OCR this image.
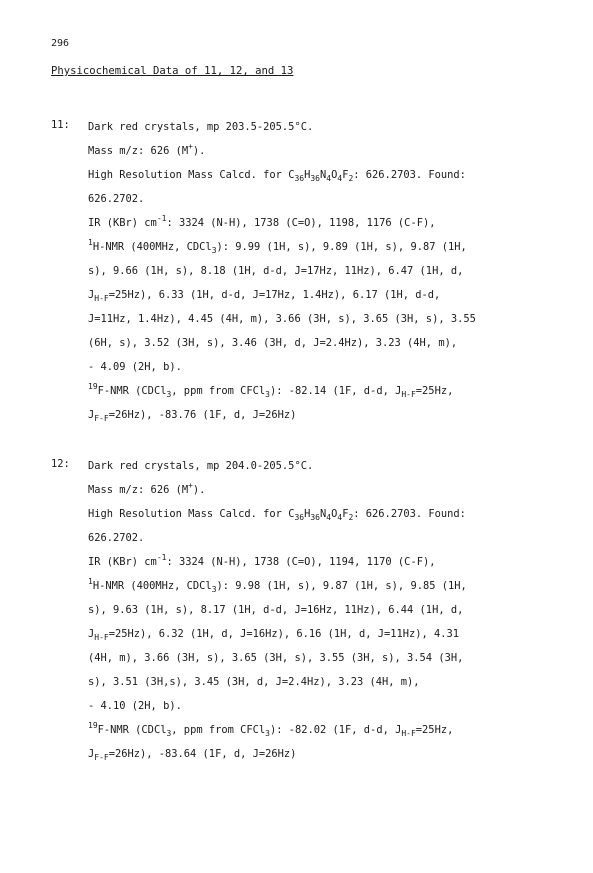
296
Physicochemical Data of 11, 12, and 13
11: Dark red crystals, mp 203.5-205.5°C.
Mass m/z: 626 (M+).
High Resolution Mass Calcd. for $C_{36}H_{36}N_4O_4F_2$: 626.2703. Found:
626.2702.
IR (KBr) $cm^{-1}$: 3324 (N-H), 1738 (C=O), 1198, 1176 (C-F),
$^1$H-NMR (400MHz, CDCl$_3$): 9.99 (1H, s), 9.89 (1H, s), 9.87 (1H,
s), 9.66 (1H, s), 8.18 (1H, d-d, J=17Hz, 11Hz), 6.47 (1H, d,
$J_{H-F}=25Hz$), 6.33 (1H, d-d, J=17Hz, 1.4Hz), 6.17 (1H, d-d,
J=11Hz, 1.4Hz), 4.45 (4H, m), 3.66 (3H, s), 3.65 (3H, s), 3.55
(6H, s), 3.52 (3H, s), 3.46 (3H, d, J=2.4Hz), 3.23 (4H, m),
- 4.09 (2H, b).
$^{19}$F-NMR (CDCl$_3$, ppm from CFCl$_3$): -82.14 (1F, d-d, $J_{H-F}=25Hz$,
$J_{F-F}=26Hz$), -83.76 (1F, d, J=26Hz)
12: Dark red crystals, mp 204.0-205.5°C.
Mass m/z: 626 (M+).
High Resolution Mass Calcd. for $C_{36}H_{36}N_4O_4F_2$: 626.2703. Found:
626.2702.
IR (KBr) $cm^{-1}$: 3324 (N-H), 1738 (C=O), 1194, 1170 (C-F),
$^1$H-NMR (400MHz, CDCl$_3$): 9.98 (1H, s), 9.87 (1H, s), 9.85 (1H,
s), 9.63 (1H, s), 8.17 (1H, d-d, J=16Hz, 11Hz), 6.44 (1H, d,
$J_{H-F}=25Hz$), 6.32 (1H, d, J=16Hz), 6.16 (1H, d, J=11Hz), 4.31
(4H, m), 3.66 (3H, s), 3.65 (3H, s), 3.55 (3H, s), 3.54 (3H,
s), 3.51 (3H,s), 3.45 (3H, d, J=2.4Hz), 3.23 (4H, m),
- 4.10 (2H, b).
$^{19}$F-NMR (CDCl$_3$, ppm from CFCl$_3$): -82.02 (1F, d-d, $J_{H-F}=25Hz$,
$J_{F-F}=26Hz$), -83.64 (1F, d, J=26Hz)
